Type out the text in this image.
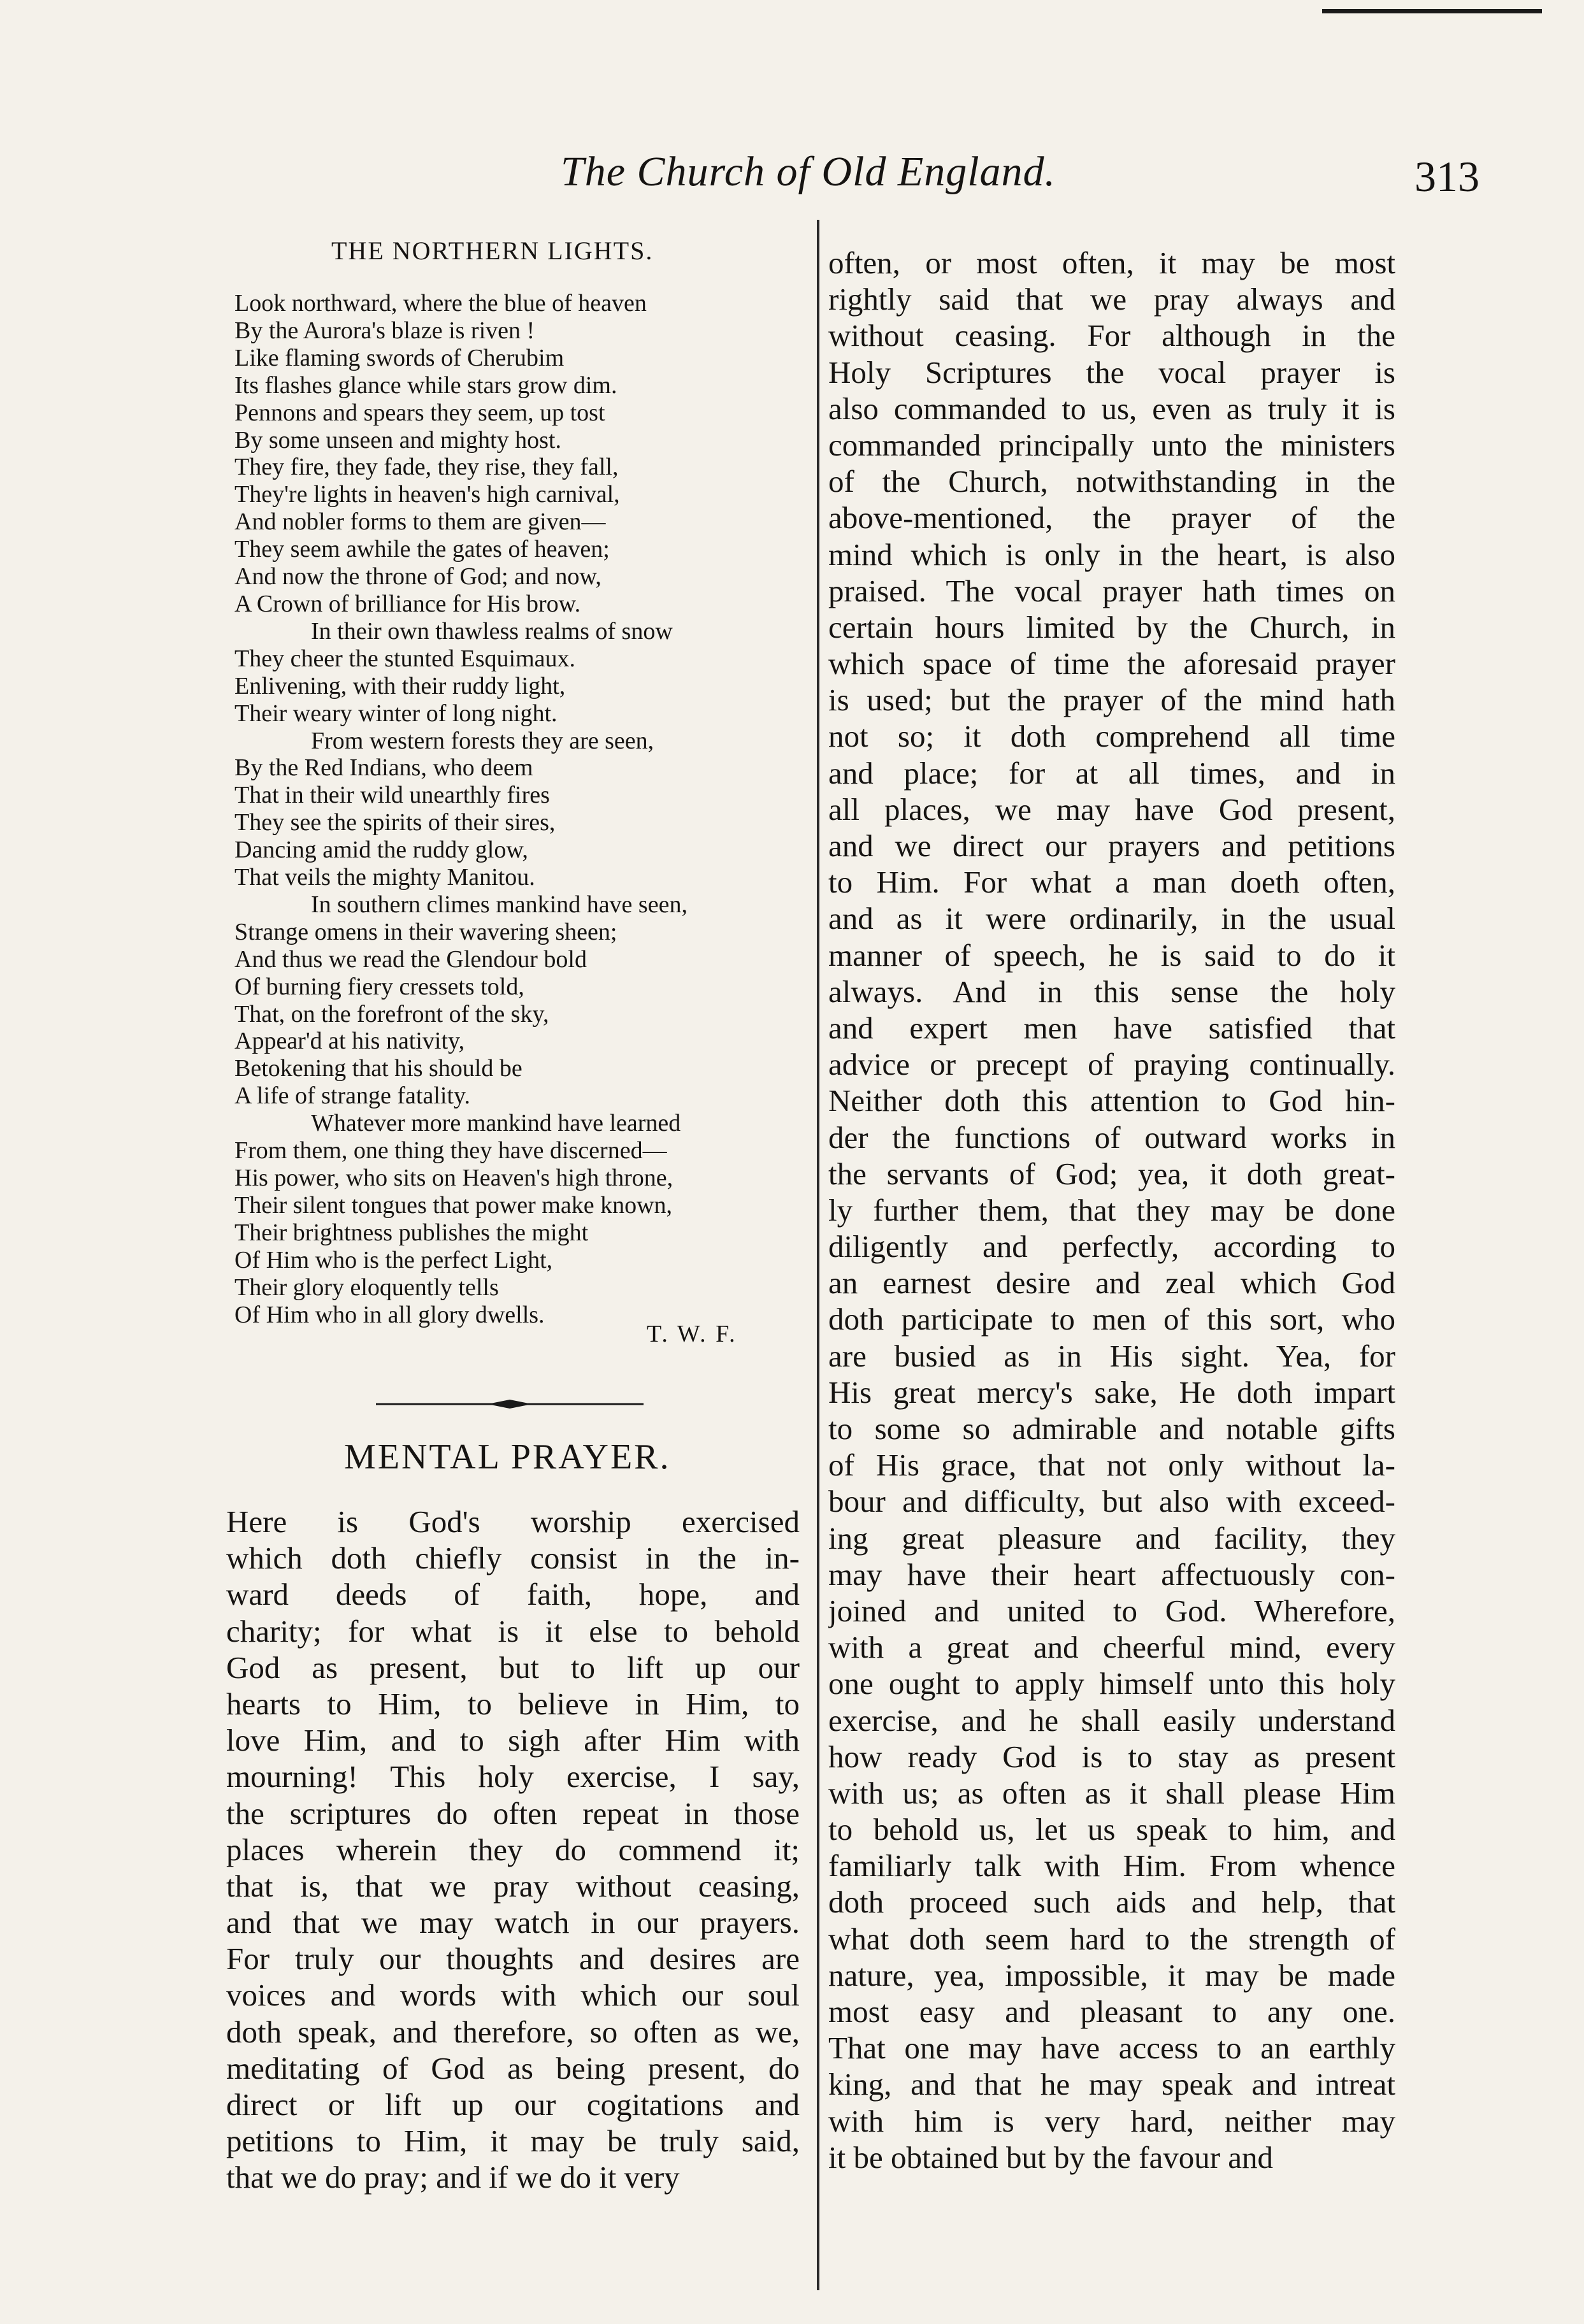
The Church of Old England.	313
THE NORTHERN LIGHTS.
Look northward, where the blue of heaven
By the Aurora's blaze is riven !
Like flaming swords of Cherubim
Its flashes glance while stars grow dim.
Pennons and spears they seem, up tost
By some unseen and mighty host.
They fire, they fade, they rise, they fall,
They're lights in heaven's high carnival,
And nobler forms to them are given—
They seem awhile the gates of heaven;
And now the throne of God; and now,
A Crown of brilliance for His brow.
In their own thawless realms of snow
They cheer the stunted Esquimaux.
Enlivening, with their ruddy light,
Their weary winter of long night.
From western forests they are seen,
By the Red Indians, who deem
That in their wild unearthly fires
They see the spirits of their sires,
Dancing amid the ruddy glow,
That veils the mighty Manitou.
In southern climes mankind have seen,
Strange omens in their wavering sheen;
And thus we read the Glendour bold
Of burning fiery cressets told,
That, on the forefront of the sky,
Appear'd at his nativity,
Betokening that his should be
A life of strange fatality.
Whatever more mankind have learned
From them, one thing they have discerned—
His power, who sits on Heaven's high throne,
Their silent tongues that power make known,
Their brightness publishes the might
Of Him who is the perfect Light,
Their glory eloquently tells
Of Him who in all glory dwells.
T. W. F.
MENTAL PRAYER.
Here is God's worship exercised
which doth chiefly consist in the in-
ward deeds of faith, hope, and
charity; for what is it else to behold
God as present, but to lift up our
hearts to Him, to believe in Him, to
love Him, and to sigh after Him with
mourning! This holy exercise, I say,
the scriptures do often repeat in those
places wherein they do commend it;
that is, that we pray without ceasing,
and that we may watch in our prayers.
For truly our thoughts and desires are
voices and words with which our soul
doth speak, and therefore, so often as we,
meditating of God as being present, do
direct or lift up our cogitations and
petitions to Him, it may be truly said,
that we do pray; and if we do it very
often, or most often, it may be most
rightly said that we pray always and
without ceasing. For although in the
Holy Scriptures the vocal prayer is
also commanded to us, even as truly it is
commanded principally unto the ministers
of the Church, notwithstanding in the
above-mentioned, the prayer of the
mind which is only in the heart, is also
praised. The vocal prayer hath times on
certain hours limited by the Church, in
which space of time the aforesaid prayer
is used; but the prayer of the mind hath
not so; it doth comprehend all time
and place; for at all times, and in
all places, we may have God present,
and we direct our prayers and petitions
to Him. For what a man doeth often,
and as it were ordinarily, in the usual
manner of speech, he is said to do it
always. And in this sense the holy
and expert men have satisfied that
advice or precept of praying continually.
Neither doth this attention to God hin-
der the functions of outward works in
the servants of God; yea, it doth great-
ly further them, that they may be done
diligently and perfectly, according to
an earnest desire and zeal which God
doth participate to men of this sort, who
are busied as in His sight. Yea, for
His great mercy's sake, He doth impart
to some so admirable and notable gifts
of His grace, that not only without la-
bour and difficulty, but also with exceed-
ing great pleasure and facility, they
may have their heart affectuously con-
joined and united to God. Wherefore,
with a great and cheerful mind, every
one ought to apply himself unto this holy
exercise, and he shall easily understand
how ready God is to stay as present
with us; as often as it shall please Him
to behold us, let us speak to him, and
familiarly talk with Him. From whence
doth proceed such aids and help, that
what doth seem hard to the strength of
nature, yea, impossible, it may be made
most easy and pleasant to any one.
That one may have access to an earthly
king, and that he may speak and intreat
with him is very hard, neither may
it be obtained but by the favour and
